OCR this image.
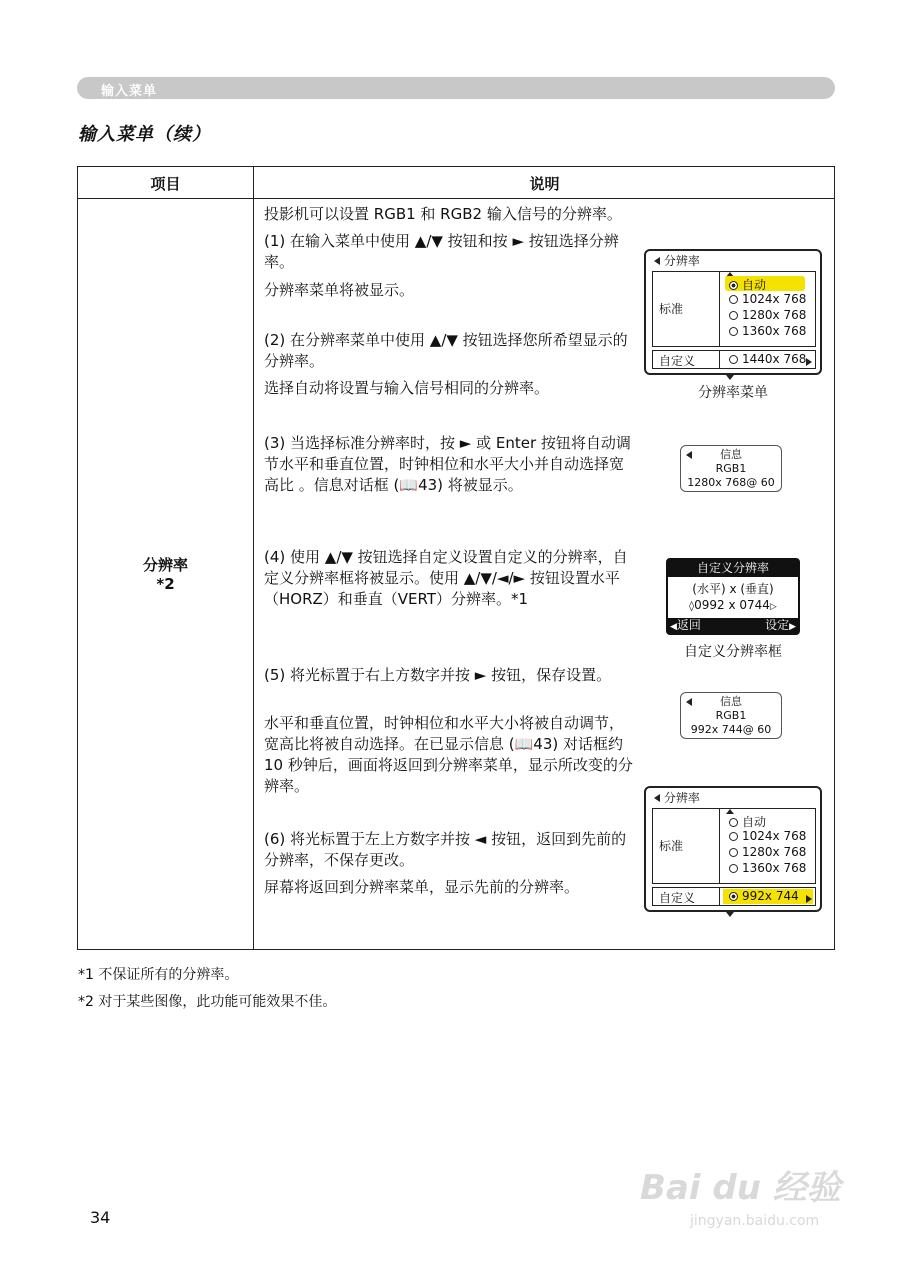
输入菜单
输入菜单（续）
项目	说明
分辨率
*2
投影机可以设置 RGB1 和 RGB2 输入信号的分辨率。
(1) 在输入菜单中使用 ▲/▼ 按钮和按 ► 按钮选择分辨率。
分辨率菜单将被显示。
(2) 在分辨率菜单中使用 ▲/▼ 按钮选择您所希望显示的分辨率。
选择自动将设置与输入信号相同的分辨率。
(3) 当选择标准分辨率时，按 ► 或 Enter 按钮将自动调节水平和垂直位置，时钟相位和水平大小并自动选择宽高比 。信息对话框 (📖43) 将被显示。
(4) 使用 ▲/▼ 按钮选择自定义设置自定义的分辨率，自定义分辨率框将被显示。使用 ▲/▼/◄/► 按钮设置水平（HORZ）和垂直（VERT）分辨率。*1
(5) 将光标置于右上方数字并按 ► 按钮，保存设置。
水平和垂直位置，时钟相位和水平大小将被自动调节，宽高比将被自动选择。在已显示信息 (📖43) 对话框约 10 秒钟后，画面将返回到分辨率菜单，显示所改变的分辨率。
(6) 将光标置于左上方数字并按 ◄ 按钮，返回到先前的分辨率，不保存更改。
屏幕将返回到分辨率菜单，显示先前的分辨率。
分辨率
标准
自动
1024x 768
1280x 768
1360x 768
自定义	1440x 768
分辨率菜单
信息
RGB1
1280x 768@ 60
自定义分辨率
(水平) x (垂直)
◊0992 x 0744▷
◀返回	设定▶
自定义分辨率框
信息
RGB1
992x 744@ 60
分辨率
标准
自动
1024x 768
1280x 768
1360x 768
自定义	992x 744
*1 不保证所有的分辨率。
*2 对于某些图像，此功能可能效果不佳。
34
Bai du 经验
jingyan.baidu.com
